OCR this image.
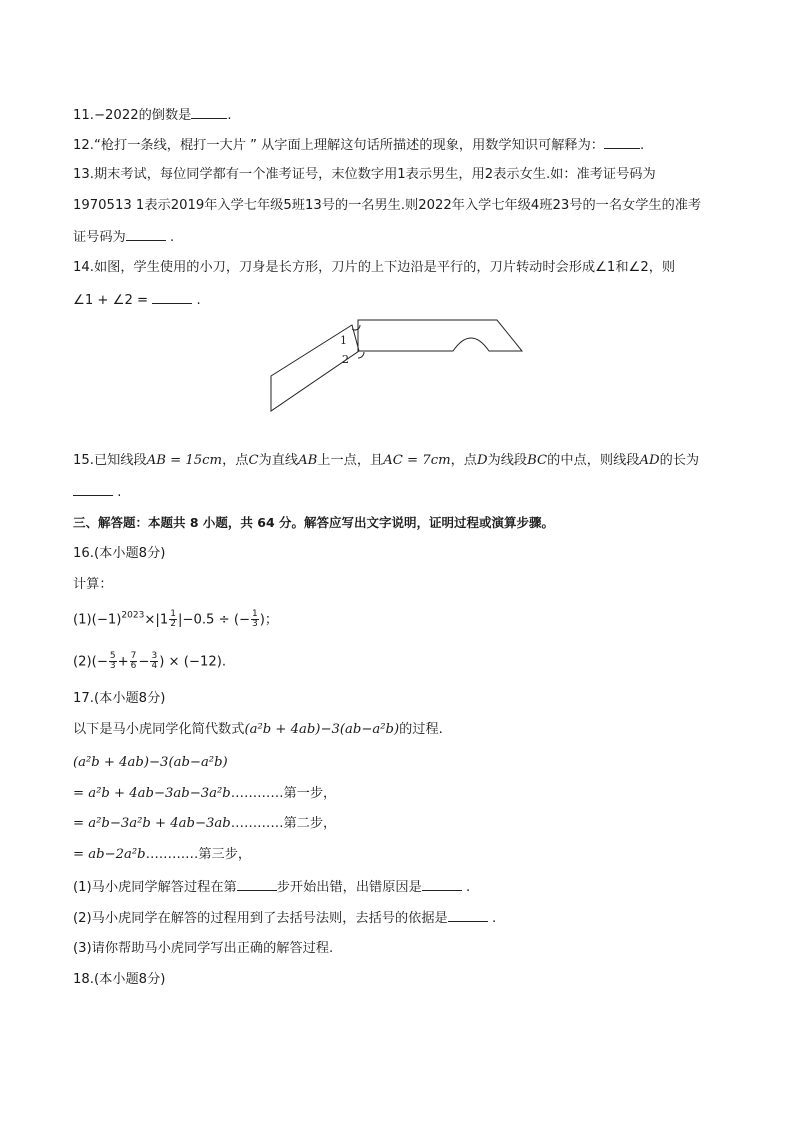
11.−2022的倒数是	.
12.“枪打一条线，棍打一大片 ” 从字面上理解这句话所描述的现象，用数学知识可解释为：	.
13.期末考试，每位同学都有一个准考证号，末位数字用1表示男生，用2表示女生.如：准考证号码为
1970513 1表示2019年入学七年级5班13号的一名男生.则2022年入学七年级4班23号的一名女学生的准考
证号码为	.
14.如图，学生使用的小刀，刀身是长方形，刀片的上下边沿是平行的，刀片转动时会形成∠1和∠2，则
∠1 + ∠2 =	.
1
2
15.已知线段AB = 15cm，点C为直线AB上一点，且AC = 7cm，点D为线段BC的中点，则线段AD的长为
.
三、解答题：本题共 8 小题，共 64 分。解答应写出文字说明，证明过程或演算步骤。
16.(本小题8分)
计算：
$(1)(-1)^{2023}\times|1 \frac{1}{2} |-0.5$ ÷ (− $\frac{1}{3}$ )；
$(2)(- \frac{5}{3} + \frac{7}{6} - \frac{3}{4}$ ) × (−12).
17.(本小题8分)
以下是马小虎同学化简代数式(a²b + 4ab)−3(ab−a²b)的过程.
(a²b + 4ab)−3(ab−a²b)
= a²b + 4ab−3ab−3a²b…………第一步，
= a²b−3a²b + 4ab−3ab…………第二步，
= ab−2a²b…………第三步，
(1)马小虎同学解答过程在第	步开始出错，出错原因是	.
(2)马小虎同学在解答的过程用到了去括号法则，去括号的依据是	.
(3)请你帮助马小虎同学写出正确的解答过程.
18.(本小题8分)
